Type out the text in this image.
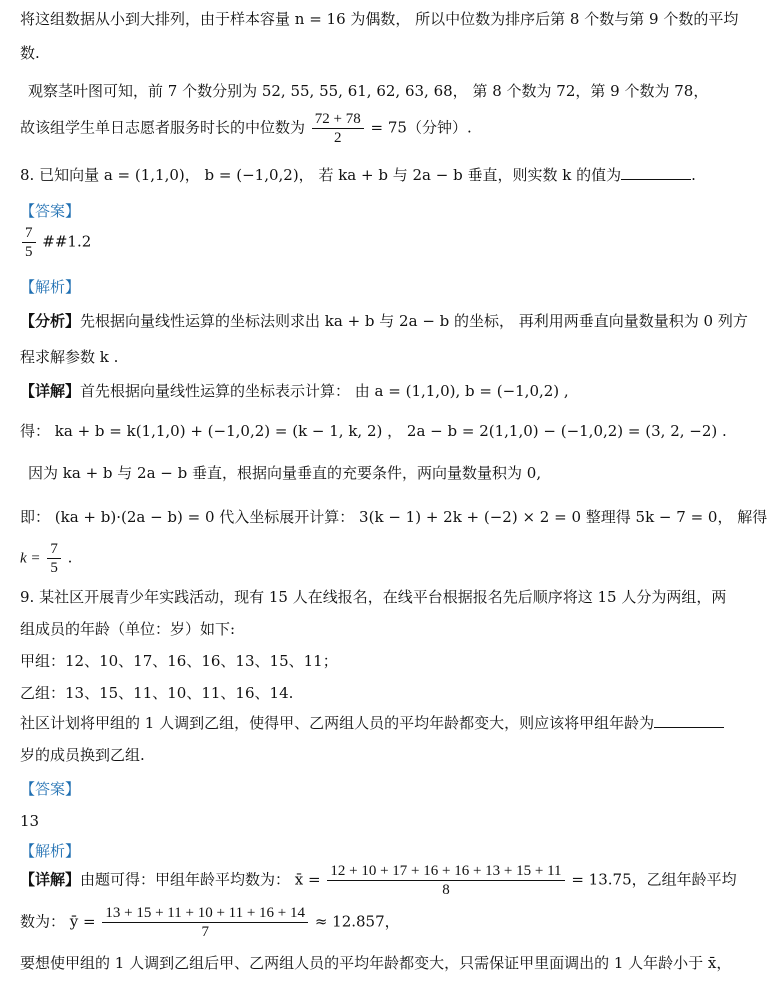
将这组数据从小到大排列，由于样本容量 n = 16 为偶数， 所以中位数为排序后第 8 个数与第 9 个数的平均
数.
观察茎叶图可知，前 7 个数分别为 52, 55, 55, 61, 62, 63, 68， 第 8 个数为 72，第 9 个数为 78，
故该组学生单日志愿者服务时长的中位数为 $\frac{72 + 78}{2} = 75$（分钟）.
8. 已知向量 a = (1,1,0)， b = (−1,0,2)， 若 ka + b 与 2a − b 垂直，则实数 k 的值为	.
【答案】
$\frac{7}{5}$ ##1.2
【解析】
【分析】先根据向量线性运算的坐标法则求出 ka + b 与 2a − b 的坐标， 再利用两垂直向量数量积为 0 列方
程求解参数 k .
【详解】首先根据向量线性运算的坐标表示计算： 由 a = (1,1,0), b = (−1,0,2) ,
得： ka + b = k(1,1,0) + (−1,0,2) = (k − 1, k, 2) ， 2a − b = 2(1,1,0) − (−1,0,2) = (3, 2, −2) .
因为 ka + b 与 2a − b 垂直，根据向量垂直的充要条件，两向量数量积为 0,
即： (ka + b)·(2a − b) = 0 代入坐标展开计算： 3(k − 1) + 2k + (−2) × 2 = 0 整理得 5k − 7 = 0， 解得
$k = \frac{7}{5}$ .
9. 某社区开展青少年实践活动，现有 15 人在线报名，在线平台根据报名先后顺序将这 15 人分为两组，两
组成员的年龄（单位：岁）如下:
甲组：12、10、17、16、16、13、15、11；
乙组：13、15、11、10、11、16、14.
社区计划将甲组的 1 人调到乙组，使得甲、乙两组人员的平均年龄都变大，则应该将甲组年龄为
岁的成员换到乙组.
【答案】
13
【解析】
【详解】由题可得：甲组年龄平均数为： x̄ = $\frac{12 + 10 + 17 + 16 + 16 + 13 + 15 + 11}{8} = 13.75$，乙组年龄平均
数为： ȳ = $\frac{13 + 15 + 11 + 10 + 11 + 16 + 14}{7} \approx 12.857$，
要想使甲组的 1 人调到乙组后甲、乙两组人员的平均年龄都变大，只需保证甲里面调出的 1 人年龄小于 x̄，
